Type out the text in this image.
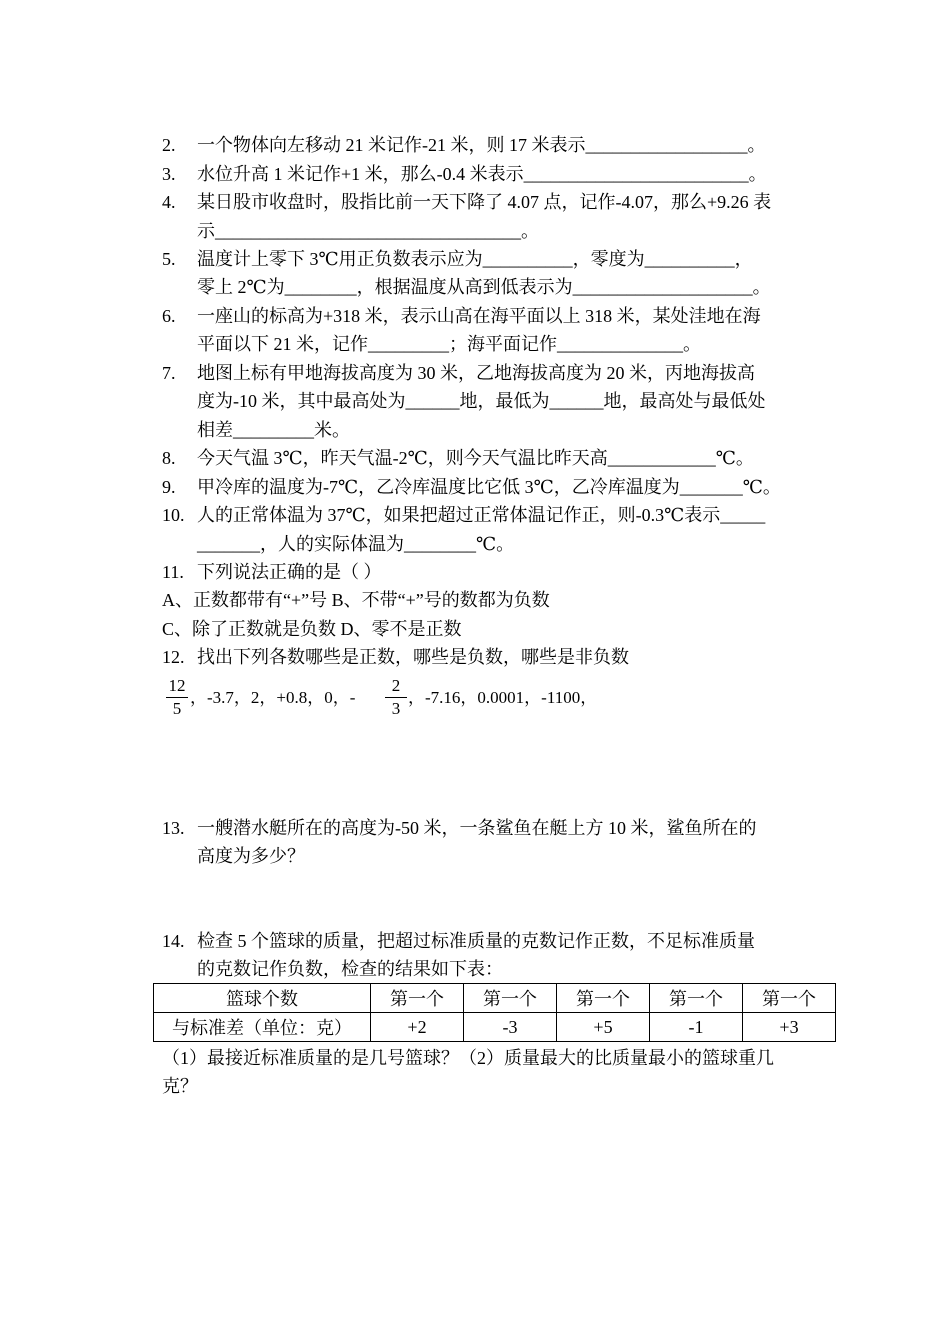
2. 一个物体向左移动 21 米记作-21 米，则 17 米表示__________________。
3. 水位升高 1 米记作+1 米，那么-0.4 米表示_________________________。
4. 某日股市收盘时，股指比前一天下降了 4.07 点，记作-4.07，那么+9.26 表
示__________________________________。
5. 温度计上零下 3℃用正负数表示应为__________，零度为__________，
零上 2℃为________，根据温度从高到低表示为____________________。
6. 一座山的标高为+318 米，表示山高在海平面以上 318 米，某处洼地在海
平面以下 21 米，记作_________；海平面记作______________。
7. 地图上标有甲地海拔高度为 30 米，乙地海拔高度为 20 米，丙地海拔高
度为-10 米，其中最高处为______地，最低为______地，最高处与最低处
相差_________米。
8. 今天气温 3℃，昨天气温-2℃，则今天气温比昨天高____________℃。
9. 甲冷库的温度为-7℃，乙冷库温度比它低 3℃，乙冷库温度为_______℃。
10. 人的正常体温为 37℃，如果把超过正常体温记作正，则-0.3℃表示_____
_______，人的实际体温为________℃。
11. 下列说法正确的是（ ）
A、正数都带有“+”号 B、不带“+”号的数都为负数
C、除了正数就是负数 D、零不是正数
12. 找出下列各数哪些是正数，哪些是负数，哪些是非负数
12
5
，-3.7，2，+0.8，0，-
2
3
，-7.16，0.0001，-1100，
13. 一艘潜水艇所在的高度为-50 米，一条鲨鱼在艇上方 10 米，鲨鱼所在的
高度为多少？
14. 检查 5 个篮球的质量，把超过标准质量的克数记作正数，不足标准质量
的克数记作负数，检查的结果如下表：
篮球个数	第一个	第一个	第一个	第一个	第一个
与标准差（单位：克）	+2	-3	+5	-1	+3
（1）最接近标准质量的是几号篮球？（2）质量最大的比质量最小的篮球重几
克？
